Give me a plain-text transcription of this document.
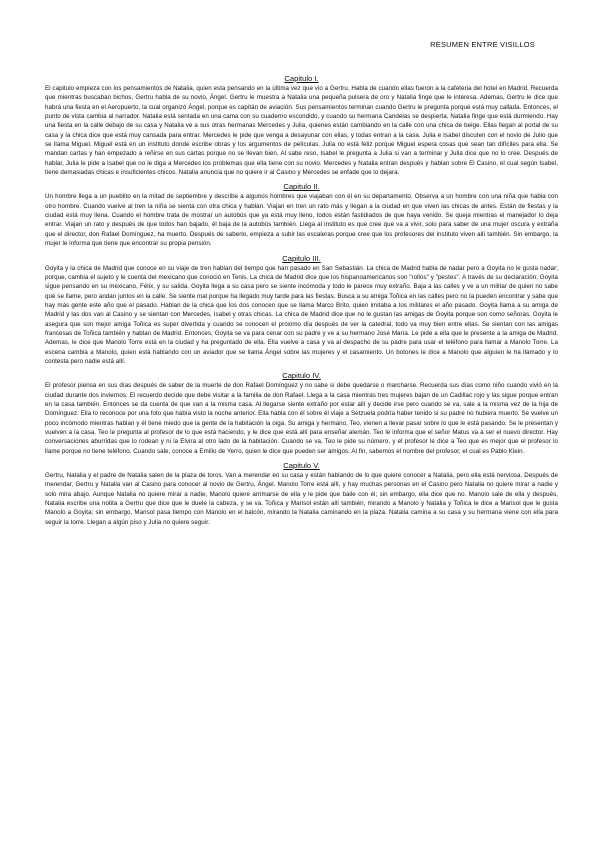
RESUMEN ENTRE VISILLOS
Capitulo I.

El capitulo empieza con los pensamientos de Natalia, quien esta pensando en la última vez que vio a Gertru. Habla de cuando ellas fueron a la cafeteria del hotel en Madrid. Recuerda que mientras buscaban bichos, Gertru habla de su novio, Ángel. Gertru le muestra a Natalia una pequeña pulsera de oro y Natalia finge que le interesa. Ademas, Gertru le dice que habrá una fiesta en el Aeropuerto, la cual organizó Ángel, porque es capitán de aviación. Sus pensamientos terminan cuando Gertru le pregunta porqué está muy callada. Entonces, el punto de vista cambia al narrador. Natalia está sentada en una cama con su cuaderno escondido, y cuando su hermana Candelas se despierta, Natalia finge que está durmiendo. Hay una fiesta en la calle debajo de su casa y Natalia ve a sus otras hermanas Mercedes y Julia, quienes están cambiando en la calle con una chica de beige. Ellas llegan al portal de su casa y la chica dice que está muy cansada para entrar. Mercedes le pide que venga a desayunar con ellas, y todas entran a la casa. Julia e Isabel discuten con el novio de Julio que se llama Miguel. Miguel está en un instituto donde escribe obras y los argumentos de películas. Julia no está feliz porque Miguel espera cosas que sean tan difíciles para ella. Se mandan cartas y han empezado a reñirse en sus cartas porque no se llevan bien. Al sabe reso, Isabel le pregunta a Julia si van a terminar y Julia dice que no lo cree. Después de hablar, Julia le pide a Isabel que no le diga a Mercedes los problemas que ella tiene con su novio. Mercedes y Natalia entran después y hablan sobre El Casino, el cual según Isabel, tiene demasiadas chicas e insuficientes chicos. Natalia anuncia que no quiere ir al Casino y Mercedes se enfade que lo dejara.

Capitulo II.

Un hombre llega a un pueblito en la mitad de septiembre y describe a algunos hombres que viajaban con él en su departamento. Observa a un hombre con una niña que habla con otro hombre. Cuando vuelve al tren la niña se sienta con otra chica y hablan. Viajan en tren un rato más y llegan a la ciudad en que viven las chicas de antes. Están de fiestas y la ciudad está muy llena. Cuando el hombre trata de mostrar un autobús que ya está muy lleno, todos están fastidiados de que haya venido. Se queja mientras el manejador lo deja entrar. Viajan un rato y después de que todos han bajado, él baja de la autobús también. Llega al instituto es que cree que va a vivir, solo para saber de una mujer oscura y extraña que el director, don Rafael Domínguez, ha muerto. Después de saberlo, empieza a subir las escaleras porque cree que los profesores del instituto viven allí también. Sin embargo, la mujer le informa que tiene que encontrar su propia pensión.

Capitulo III.

Goyita y la chica de Madrid que conoce en su viaje de tren hablan del tiempo que han pasado en San Sebastián. La chica de Madrid habla de nadar pero a Goyita no le gusta nadar; porque, cambia el sujeto y le cuenta del mexicano que conoció en Tenis. La chica de Madrid dice que los hispanoamericanos son "rollos" y "pestes". A través de su declaración, Goyita sigue pensando en su mexicano, Félix, y su salida. Goyita llega a su casa pero se siente incómoda y todo le parece muy extraño. Baja a las calles y ve a un militar de quien no sabe qué se llame, pero andan juntos en la calle. Se siente mal porque ha llegado muy tarde para las fiestas. Busca a su amiga Toñica en las calles pero no la pueden encontrar y sabe que hay más gente este año que el pasado. Hablan de la chica que los dos conocen que se llama Marco Brito, quien imitaba a los militares el año pasado. Goyita llama a su amiga de Madrid y las dos van al Casino y se sientan con Mercedes, Isabel y otras chicas. La chica de Madrid dice que no le gustan las amigas de Goyita porque son como señoras. Goyita le asegura que son mejor amiga Toñica es super divertida y cuando se conocen el próximo día después de ver la catedral, todo va muy bien entre ellas. Se sientan con las amigas francesas de Toñica también y hablan de Madrid. Entonces, Goyita se va para cenar con su padre y ve a su hermano José María. Le pide a ella que le presente a la amiga de Madrid. Ademas, le dice que Manolo Torre está en la ciudad y ha preguntado de ella. Ella vuelve a casa y va al despacho de su padre para usar el teléfono para llamar a Manolo Torre. La escena cambia a Manolo, quien está hablando con un aviador que se llama Ángel sobre las mujeres y el casamiento. Un botones le dice a Manolo que alguien le ha llamado y lo contesta pero nadie está allí.

Capitulo IV.

El profesor piensa en sus días después de saber de la muerte de don Rafael Domínguez y no sabe si debe quedarse o marcharse. Recuerda sus días como niño cuando vivió en la ciudad durante dos inviernos. El recuerdo decide que debe visitar a la familia de don Rafael. Llega a la casa mientras tres mujeres bajan de un Cadillac rojo y las sigue porque entran en la casa también. Entonces se da cuenta de que van a la misma casa. Al llegarse siente extraño por estar allí y decide irse pero cuando se va, sale a la misma vez de la hija de Domínguez. Ella lo reconoce por una foto que había visto la noche anterior. Ella habla con él sobre él viaje a Setzuela podría haber tenido si su padre no hubiera muerto. Se vuelve un poco incómodo mientras hablan y él tiene miedo que la gente de la habitación la oiga. Su amiga y hermano, Teo, vienen a llevar pasar sobre lo que le está pasando. Se le presentan y vuelven a la casa. Teo le pregunta al profesor de lo que está haciendo, y le dice que está allí para enseñar alemán. Teo le informa que el señor Matus va a ser el nuevo director. Hay conversaciones aburridas que lo rodean y ni la Elvira al otro lado de la habitación. Cuando se va, Teo le pide su número, y el profesor le dice a Teo que es mejor que el profesor lo llame porque no tiene teléfono. Cuando sale, conoce a Emilio de Yerro, quien le dice que pueden ser amigos. Al fin, sabemos el nombre del profesor, el cual es Pablo Klein.

Capitulo V.

Gertru, Natalia y el padre de Natalia salen de la plaza de toros. Van a merendar en su casa y están hablando de lo que quiere conocer a Natalia, pero ella está nerviosa. Después de merendar, Gertru y Natalia van al Casino para conocer al novio de Gertru, Ángel. Manolo Torre está allí, y hay muchas personas en el Casino pero Natalia no quiere mirar a nadie y solo mira abajo. Aunque Natalia no quiere mirar a nadie, Manolo quiere arrimarse de ella y le pide que baile con él; sin embargo, ella dice que no. Manolo sale de ella y después, Natalia escribe una notita a Gertru que dice que le duele la cabeza, y se va. Toñica y Marisol están allí también, mirando a Manolo y Natalia y Toñica le dice a Marisol que le gusta Manolo a Goyita; sin embargo, Marisol pasa tiempo con Manolo en el balcón, mirando la Natalia caminando en la plaza. Natalia camina a su casa y su hermana viene con ella para seguir la torre. Llegan a algún piso y Julia no quiere seguir.
